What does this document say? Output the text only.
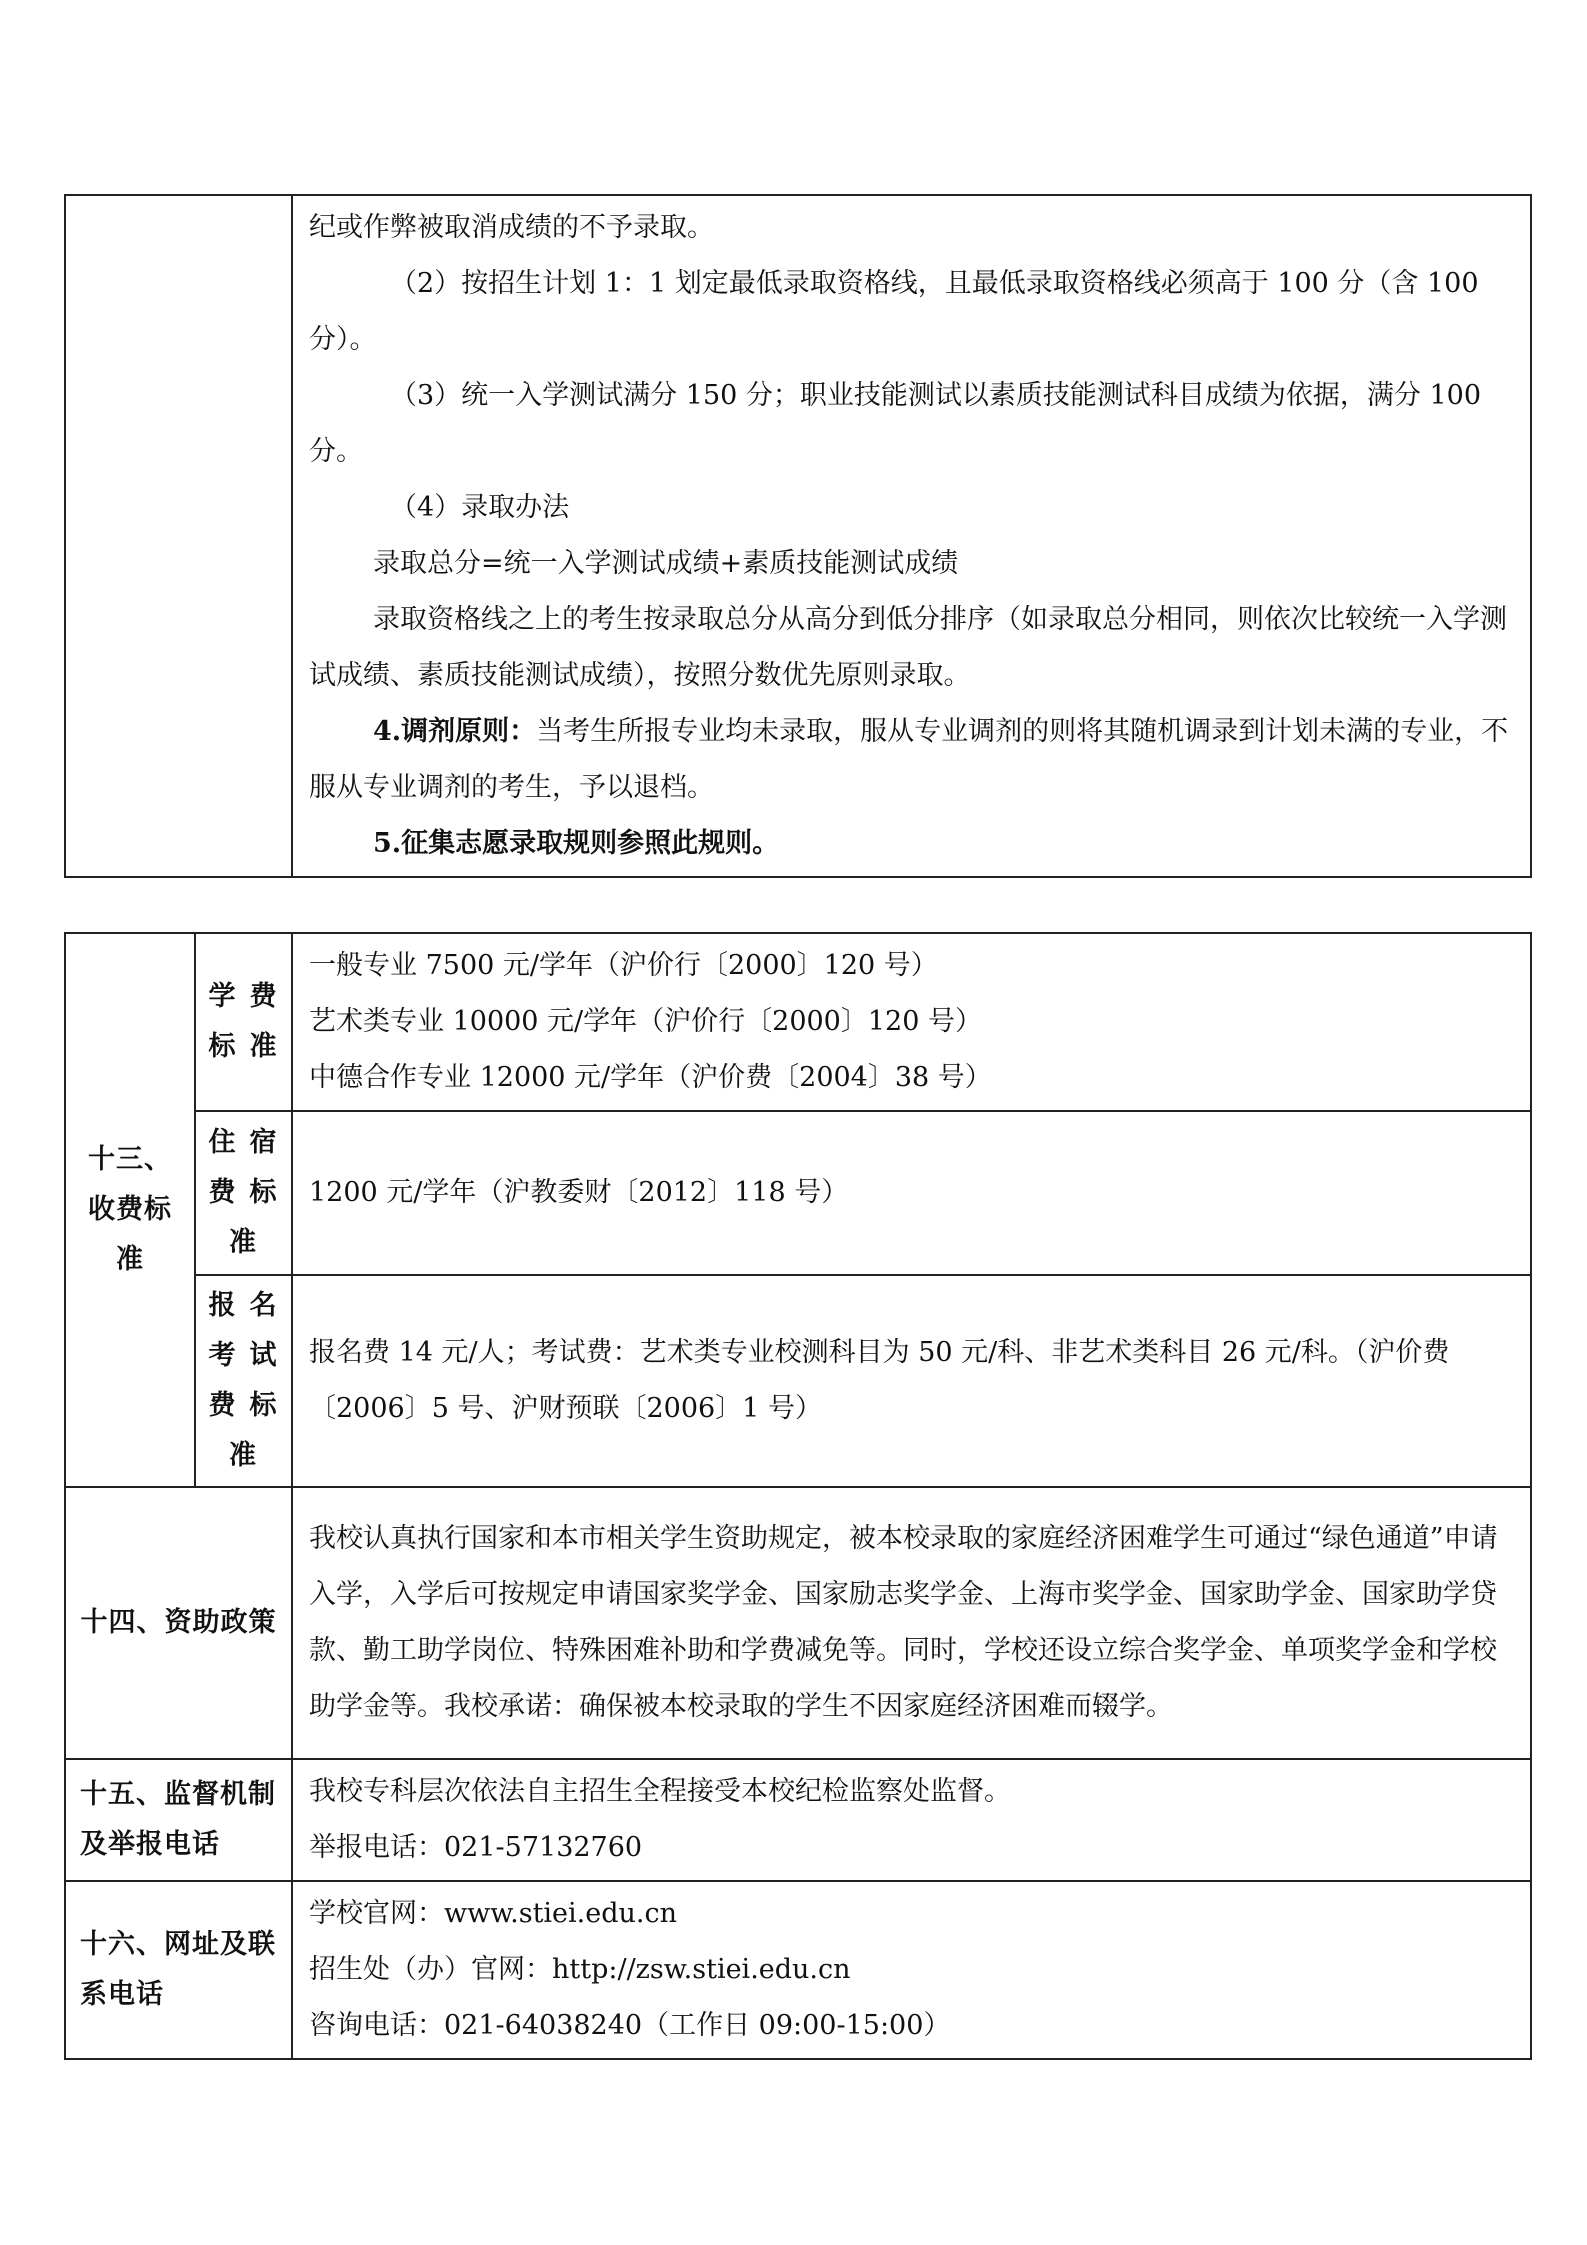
纪或作弊被取消成绩的不予录取。

（2）按招生计划 1：1 划定最低录取资格线，且最低录取资格线必须高于 100 分（含 100 分）。

（3）统一入学测试满分 150 分；职业技能测试以素质技能测试科目成绩为依据，满分 100 分。

（4）录取办法

录取总分=统一入学测试成绩+素质技能测试成绩

录取资格线之上的考生按录取总分从高分到低分排序（如录取总分相同，则依次比较统一入学测试成绩、素质技能测试成绩），按照分数优先原则录取。

4.调剂原则：当考生所报专业均未录取，服从专业调剂的则将其随机调录到计划未满的专业，不服从专业调剂的考生，予以退档。

5.征集志愿录取规则参照此规则。

十三、收费标准	学费标准	一般专业 7500 元/学年（沪价行〔2000〕120 号）

艺术类专业 10000 元/学年（沪价行〔2000〕120 号）

中德合作专业 12000 元/学年（沪价费〔2004〕38 号）

	住宿费标准	1200 元/学年（沪教委财〔2012〕118 号）

	报名考试费标准	报名费 14 元/人；考试费：艺术类专业校测科目为 50 元/科、非艺术类科目 26 元/科。（沪价费〔2006〕5 号、沪财预联〔2006〕1 号）

十四、资助政策		我校认真执行国家和本市相关学生资助规定，被本校录取的家庭经济困难学生可通过“绿色通道”申请入学，入学后可按规定申请国家奖学金、国家励志奖学金、上海市奖学金、国家助学金、国家助学贷款、勤工助学岗位、特殊困难补助和学费减免等。同时，学校还设立综合奖学金、单项奖学金和学校助学金等。我校承诺：确保被本校录取的学生不因家庭经济困难而辍学。

十五、监督机制及举报电话		我校专科层次依法自主招生全程接受本校纪检监察处监督。

举报电话：021-57132760

十六、网址及联系电话		学校官网：www.stiei.edu.cn

招生处（办）官网：http://zsw.stiei.edu.cn

咨询电话：021-64038240（工作日 09:00-15:00）
